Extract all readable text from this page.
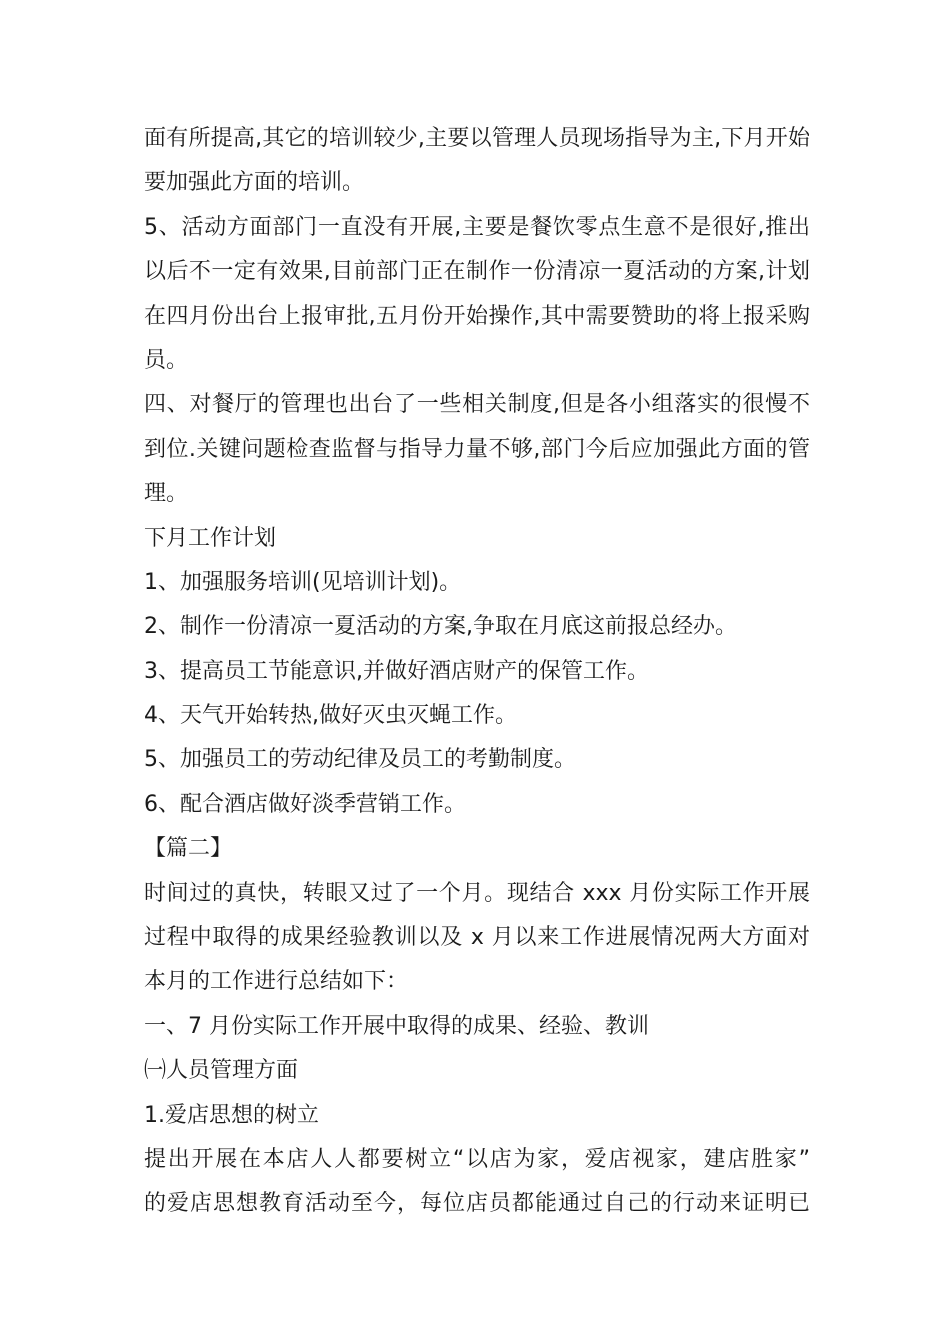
面有所提高,其它的培训较少,主要以管理人员现场指导为主,下月开始
要加强此方面的培训。
5、活动方面部门一直没有开展,主要是餐饮零点生意不是很好,推出
以后不一定有效果,目前部门正在制作一份清凉一夏活动的方案,计划
在四月份出台上报审批,五月份开始操作,其中需要赞助的将上报采购
员。
四、对餐厅的管理也出台了一些相关制度,但是各小组落实的很慢不
到位.关键问题检查监督与指导力量不够,部门今后应加强此方面的管
理。
下月工作计划
1、加强服务培训(见培训计划)。
2、制作一份清凉一夏活动的方案,争取在月底这前报总经办。
3、提高员工节能意识,并做好酒店财产的保管工作。
4、天气开始转热,做好灭虫灭蝇工作。
5、加强员工的劳动纪律及员工的考勤制度。
6、配合酒店做好淡季营销工作。
【篇二】
时间过的真快，转眼又过了一个月。现结合 xxx 月份实际工作开展
过程中取得的成果经验教训以及 x 月以来工作进展情况两大方面对
本月的工作进行总结如下：
一、7 月份实际工作开展中取得的成果、经验、教训
㈠人员管理方面
1.爱店思想的树立
提出开展在本店人人都要树立“以店为家，爱店视家，建店胜家”
的爱店思想教育活动至今，每位店员都能通过自己的行动来证明已
